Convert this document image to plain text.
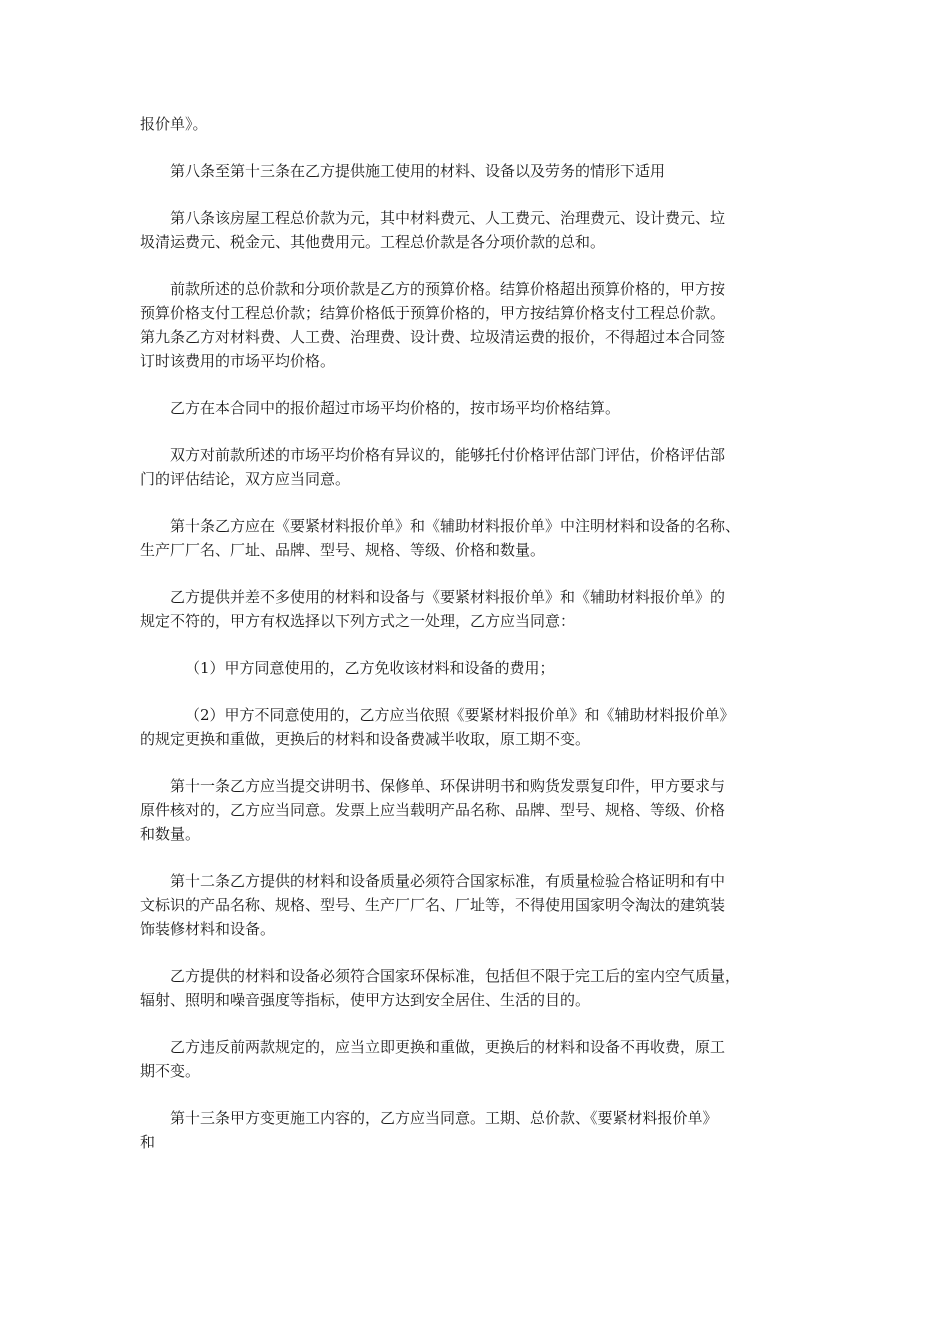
报价单》。

第八条至第十三条在乙方提供施工使用的材料、设备以及劳务的情形下适用

第八条该房屋工程总价款为元，其中材料费元、人工费元、治理费元、设计费元、垃
圾清运费元、税金元、其他费用元。工程总价款是各分项价款的总和。

前款所述的总价款和分项价款是乙方的预算价格。结算价格超出预算价格的，甲方按
预算价格支付工程总价款；结算价格低于预算价格的，甲方按结算价格支付工程总价款。
第九条乙方对材料费、人工费、治理费、设计费、垃圾清运费的报价，不得超过本合同签
订时该费用的市场平均价格。

乙方在本合同中的报价超过市场平均价格的，按市场平均价格结算。

双方对前款所述的市场平均价格有异议的，能够托付价格评估部门评估，价格评估部
门的评估结论，双方应当同意。

第十条乙方应在《要紧材料报价单》和《辅助材料报价单》中注明材料和设备的名称、
生产厂厂名、厂址、品牌、型号、规格、等级、价格和数量。

乙方提供并差不多使用的材料和设备与《要紧材料报价单》和《辅助材料报价单》的
规定不符的，甲方有权选择以下列方式之一处理，乙方应当同意：

（1）甲方同意使用的，乙方免收该材料和设备的费用；

（2）甲方不同意使用的，乙方应当依照《要紧材料报价单》和《辅助材料报价单》
的规定更换和重做，更换后的材料和设备费减半收取，原工期不变。

第十一条乙方应当提交讲明书、保修单、环保讲明书和购货发票复印件，甲方要求与
原件核对的，乙方应当同意。发票上应当载明产品名称、品牌、型号、规格、等级、价格
和数量。

第十二条乙方提供的材料和设备质量必须符合国家标准，有质量检验合格证明和有中
文标识的产品名称、规格、型号、生产厂厂名、厂址等，不得使用国家明令淘汰的建筑装
饰装修材料和设备。

乙方提供的材料和设备必须符合国家环保标准，包括但不限于完工后的室内空气质量，
辐射、照明和噪音强度等指标，使甲方达到安全居住、生活的目的。

乙方违反前两款规定的，应当立即更换和重做，更换后的材料和设备不再收费，原工
期不变。

第十三条甲方变更施工内容的，乙方应当同意。工期、总价款、《要紧材料报价单》
和
